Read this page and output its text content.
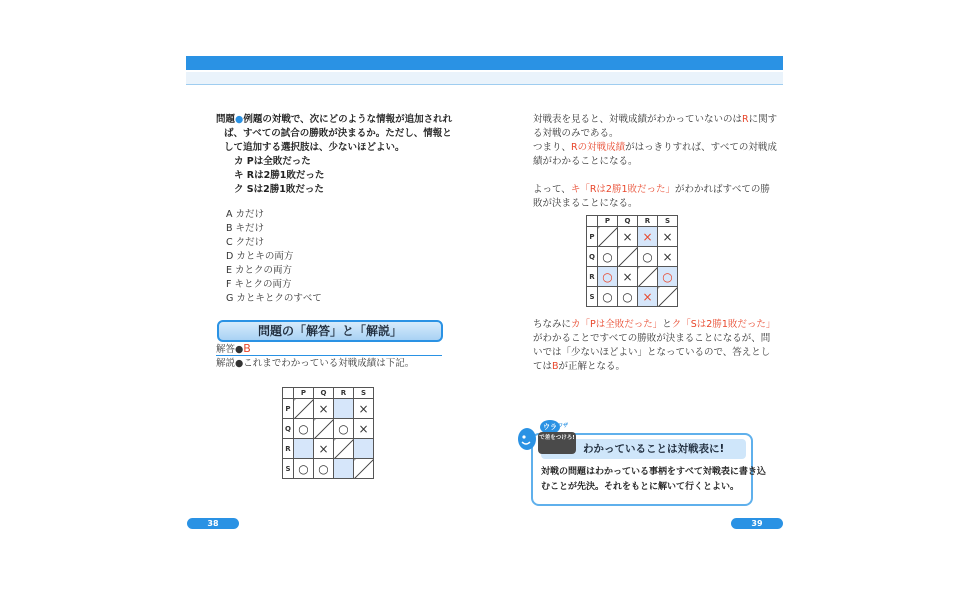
問題●例題の対戦で、次にどのような情報が追加されれ
ば、すべての試合の勝敗が決まるか。ただし、情報と
して追加する選択肢は、少ないほどよい。
カ Pは全敗だった
キ Rは2勝1敗だった
ク Sは2勝1敗だった
A カだけ
B キだけ
C クだけ
D カとキの両方
E カとクの両方
F キとクの両方
G カとキとクのすべて
問題の「解答」と「解説」
解答●B
解説●これまでわかっている対戦成績は下記。
	P	Q	R	S
P		×		×
Q	○		○	×
R		×		
S	○	○		
38
対戦表を見ると、対戦成績がわかっていないのはRに関す
る対戦のみである。
つまり、Rの対戦成績がはっきりすれば、すべての対戦成
績がわかることになる。
よって、キ「Rは2勝1敗だった」がわかればすべての勝
敗が決まることになる。
	P	Q	R	S
P		×	×	×
Q	○		○	×
R	○	×		○
S	○	○	×	
ちなみにカ「Pは全敗だった」とク「Sは2勝1敗だった」
がわかることですべての勝敗が決まることになるが、問
いでは「少ないほどよい」となっているので、答えとし
てはBが正解となる。
わかっていることは対戦表に!
対戦の問題はわかっている事柄をすべて対戦表に書き込
むことが先決。それをもとに解いて行くとよい。
ウラ ワザ
で差をつけろ!
39
